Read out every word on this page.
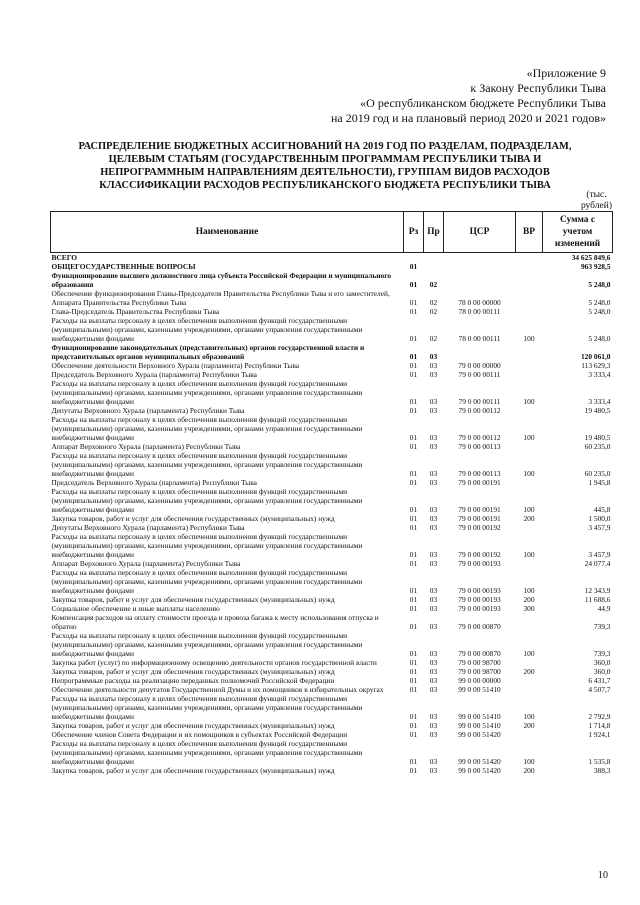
«Приложение 9
к Закону Республики Тыва
«О республиканском бюджете Республики Тыва
на 2019 год и на плановый период 2020 и 2021 годов»
РАСПРЕДЕЛЕНИЕ БЮДЖЕТНЫХ АССИГНОВАНИЙ НА 2019 ГОД ПО РАЗДЕЛАМ, ПОДРАЗДЕЛАМ,
ЦЕЛЕВЫМ СТАТЬЯМ (ГОСУДАРСТВЕННЫМ ПРОГРАММАМ РЕСПУБЛИКИ ТЫВА И
НЕПРОГРАММНЫМ НАПРАВЛЕНИЯМ ДЕЯТЕЛЬНОСТИ), ГРУППАМ ВИДОВ РАСХОДОВ
КЛАССИФИКАЦИИ РАСХОДОВ РЕСПУБЛИКАНСКОГО БЮДЖЕТА РЕСПУБЛИКИ ТЫВА
(тыс.
рублей)
Наименование	Рз	Пр	ЦСР	ВР	Сумма с
учетом
изменений

ВСЕГО					34 625 849,6
ОБЩЕГОСУДАРСТВЕННЫЕ ВОПРОСЫ	01				963 928,5
Функционирование высшего должностного лица субъекта Российской Федерации и муниципального образования	01	02			5 248,0
Обеспечение функционирования Главы-Председателя Правительства Республики Тыва и его заместителей, Аппарата Правительства Республики Тыва	01	02	78 0 00 00000		5 248,0
Глава-Председатель Правительства Республики Тыва	01	02	78 0 00 00111		5 248,0
Расходы на выплаты персоналу в целях обеспечения выполнения функций государственными (муниципальными) органами, казенными учреждениями, органами управления государственными внебюджетными фондами	01	02	78 0 00 00111	100	5 248,0
Функционирование законодательных (представительных) органов государственной власти и представительных органов муниципальных образований	01	03			120 061,0
Обеспечение деятельности Верховного Хурала (парламента) Республики Тыва	01	03	79 0 00 00000		113 629,3
Председатель Верховного Хурала (парламента) Республики Тыва	01	03	79 0 00 00111		3 333,4
Расходы на выплаты персоналу в целях обеспечения выполнения функций государственными (муниципальными) органами, казенными учреждениями, органами управления государственными внебюджетными фондами	01	03	79 0 00 00111	100	3 333,4
Депутаты Верховного Хурала (парламента) Республики Тыва	01	03	79 0 00 00112		19 480,5
Расходы на выплаты персоналу в целях обеспечения выполнения функций государственными (муниципальными) органами, казенными учреждениями, органами управления государственными внебюджетными фондами	01	03	79 0 00 00112	100	19 480,5
Аппарат Верховного Хурала (парламента) Республики Тыва	01	03	79 0 00 00113		60 235,0
Расходы на выплаты персоналу в целях обеспечения выполнения функций государственными (муниципальными) органами, казенными учреждениями, органами управления государственными внебюджетными фондами	01	03	79 0 00 00113	100	60 235,0
Председатель Верховного Хурала (парламента) Республики Тыва	01	03	79 0 00 00191		1 945,8
Расходы на выплаты персоналу в целях обеспечения выполнения функций государственными (муниципальными) органами, казенными учреждениями, органами управления государственными внебюджетными фондами	01	03	79 0 00 00191	100	445,8
Закупка товаров, работ и услуг для обеспечения государственных (муниципальных) нужд	01	03	79 0 00 00191	200	1 500,0
Депутаты Верховного Хурала (парламента) Республики Тыва	01	03	79 0 00 00192		3 457,9
Расходы на выплаты персоналу в целях обеспечения выполнения функций государственными (муниципальными) органами, казенными учреждениями, органами управления государственными внебюджетными фондами	01	03	79 0 00 00192	100	3 457,9
Аппарат Верховного Хурала (парламента) Республики Тыва	01	03	79 0 00 00193		24 077,4
Расходы на выплаты персоналу в целях обеспечения выполнения функций государственными (муниципальными) органами, казенными учреждениями, органами управления государственными внебюджетными фондами	01	03	79 0 00 00193	100	12 343,9
Закупка товаров, работ и услуг для обеспечения государственных (муниципальных) нужд	01	03	79 0 00 00193	200	11 688,6
Социальное обеспечение и иные выплаты населению	01	03	79 0 00 00193	300	44,9
Компенсация расходов на оплату стоимости проезда и провоза багажа к месту использования отпуска и обратно	01	03	79 0 00 00870		739,3
Расходы на выплаты персоналу в целях обеспечения выполнения функций государственными (муниципальными) органами, казенными учреждениями, органами управления государственными внебюджетными фондами	01	03	79 0 00 00870	100	739,3
Закупка работ (услуг) по информационному освещению деятельности органов государственной власти	01	03	79 0 00 98700		360,0
Закупка товаров, работ и услуг для обеспечения государственных (муниципальных) нужд	01	03	79 0 00 98700	200	360,0
Непрограммные расходы на реализацию переданных полномочий Российской Федерации	01	03	99 0 00 00000		6 431,7
Обеспечение деятельности депутатов Государственной Думы и их помощников в избирательных округах	01	03	99 0 00 51410		4 507,7
Расходы на выплаты персоналу в целях обеспечения выполнения функций государственными (муниципальными) органами, казенными учреждениями, органами управления государственными внебюджетными фондами	01	03	99 0 00 51410	100	2 792,9
Закупка товаров, работ и услуг для обеспечения государственных (муниципальных) нужд	01	03	99 0 00 51410	200	1 714,8
Обеспечение членов Совета Федерации и их помощников в субъектах Российской Федерации	01	03	99 0 00 51420		1 924,1
Расходы на выплаты персоналу в целях обеспечения выполнения функций государственными (муниципальными) органами, казенными учреждениями, органами управления государственными внебюджетными фондами	01	03	99 0 00 51420	100	1 535,8
Закупка товаров, работ и услуг для обеспечения государственных (муниципальных) нужд	01	03	99 0 00 51420	200	388,3
10
